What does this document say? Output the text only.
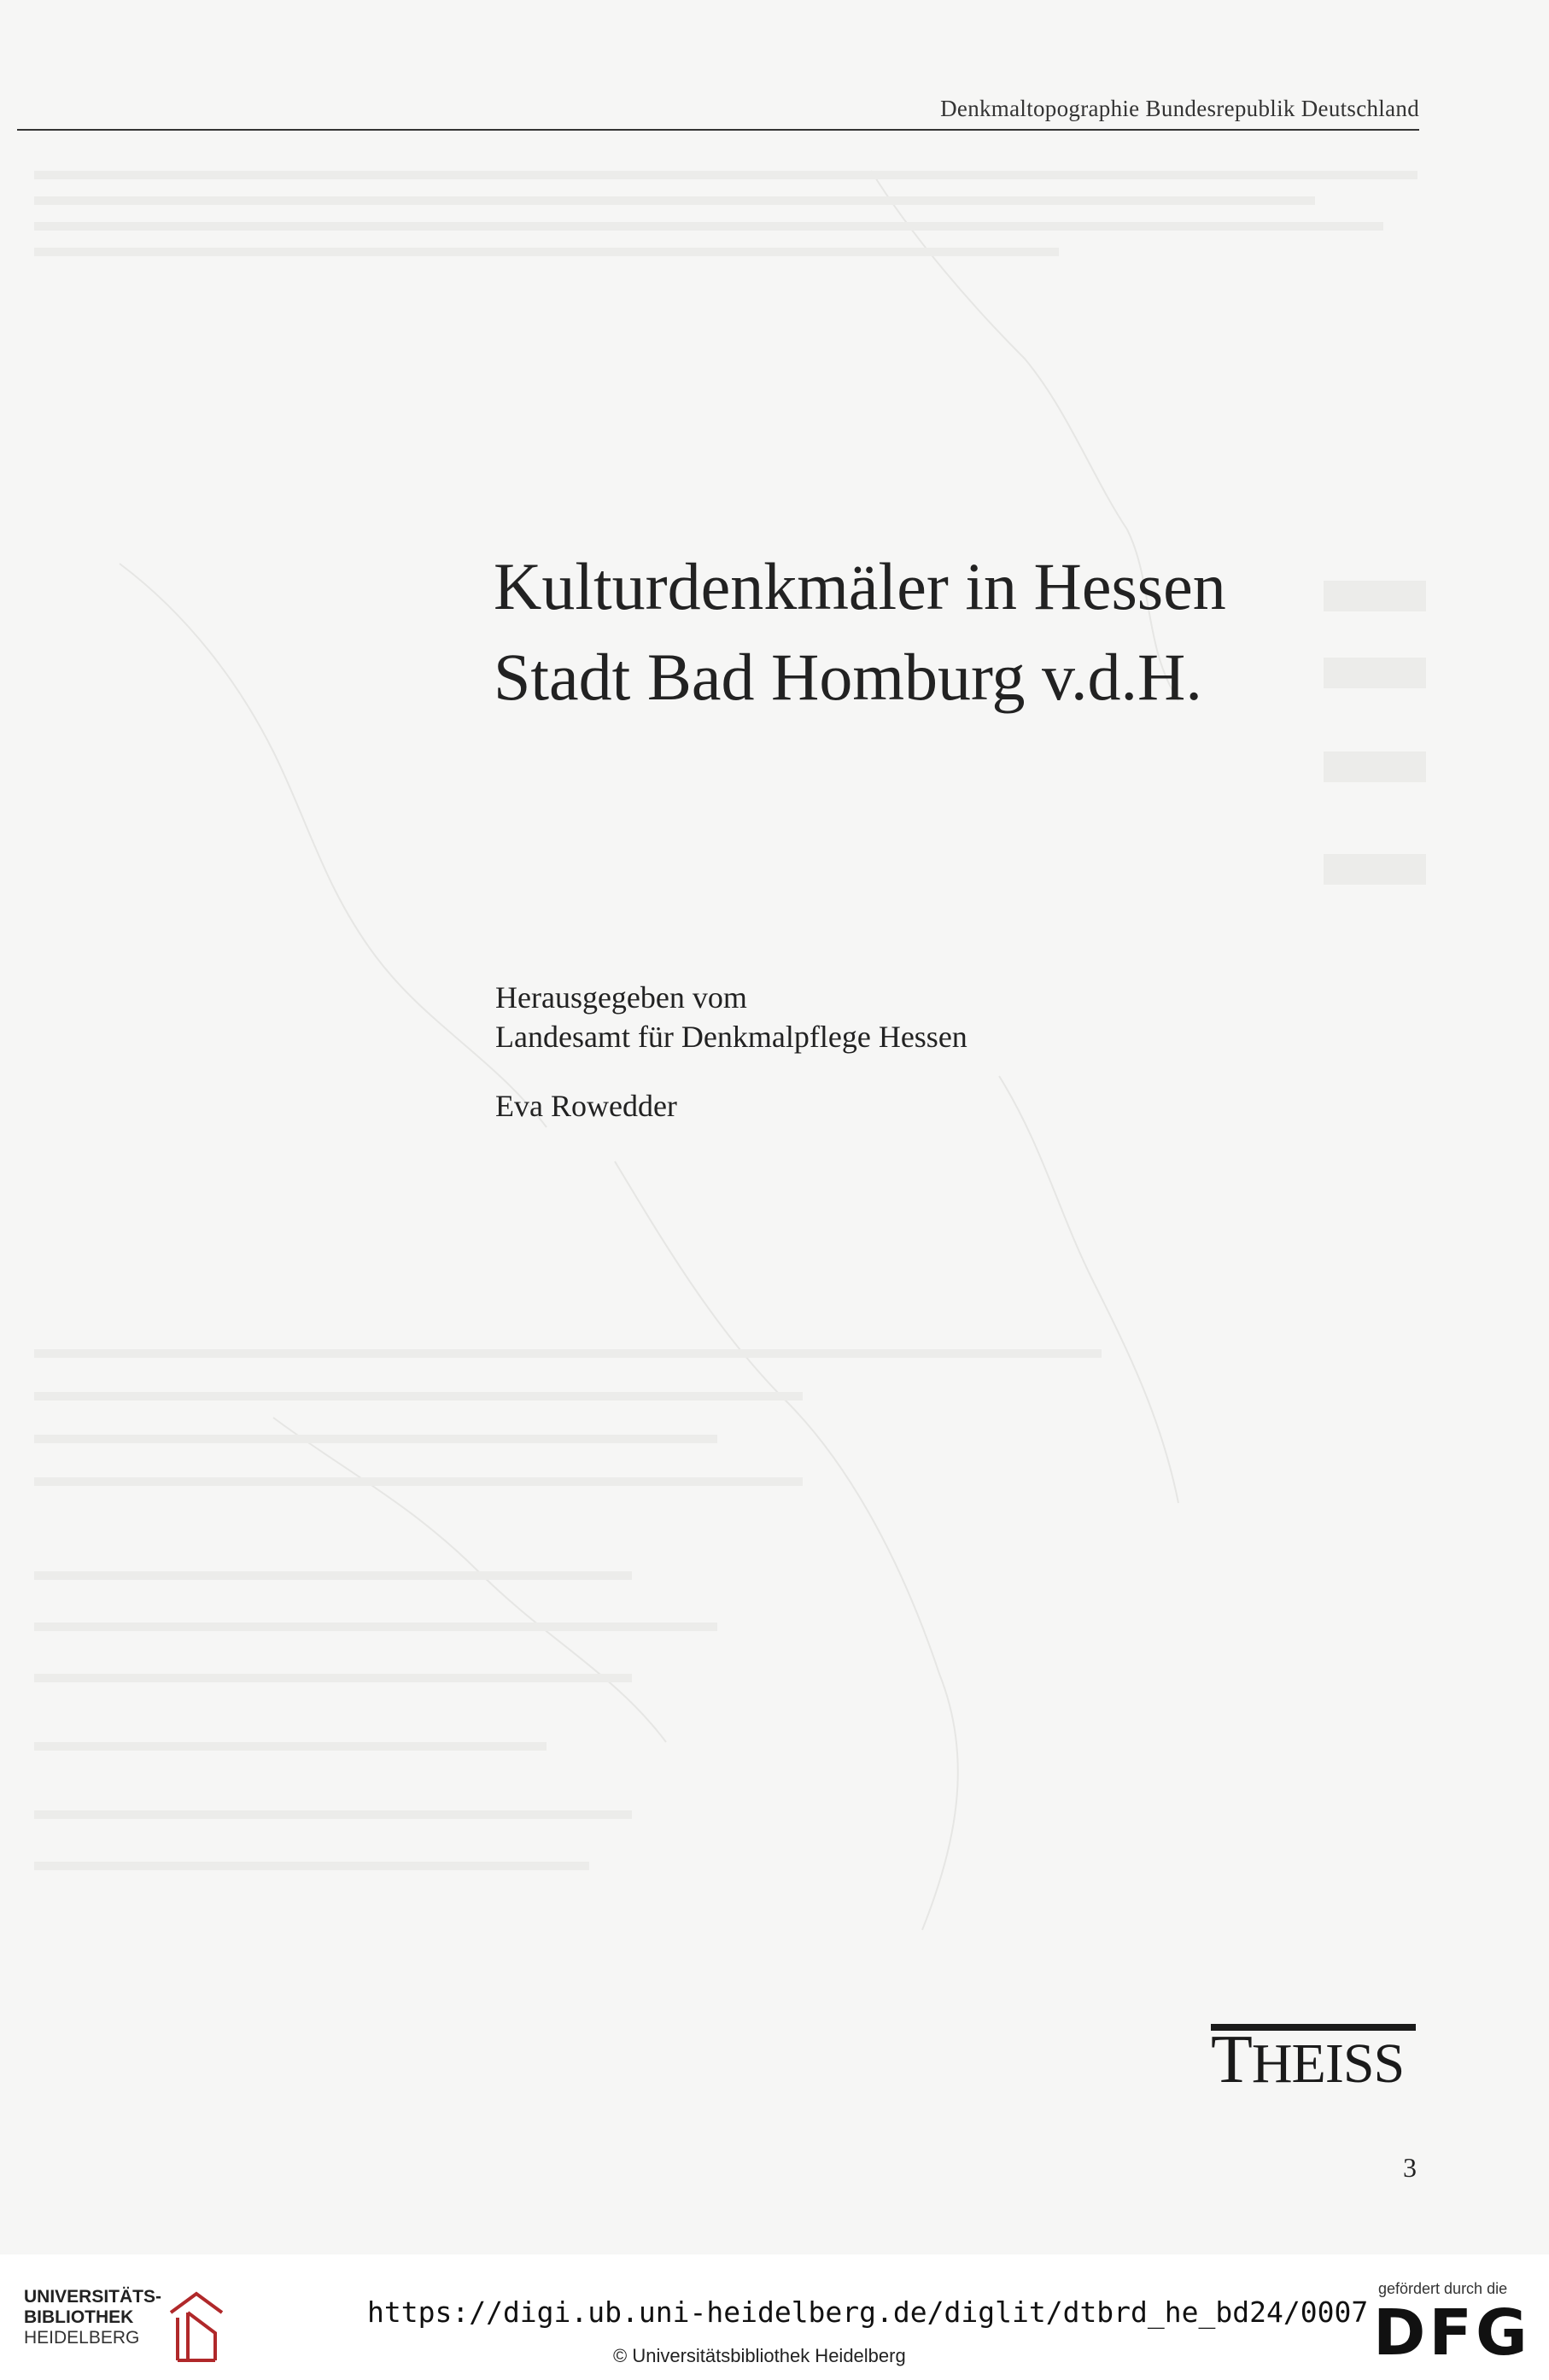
Denkmaltopographie Bundesrepublik Deutschland
Kulturdenkmäler in Hessen
Stadt Bad Homburg v.d.H.
Herausgegeben vom
Landesamt für Denkmalpflege Hessen
Eva Rowedder
THEISS
3
UNIVERSITÄTS-
BIBLIOTHEK
HEIDELBERG
https://digi.ub.uni-heidelberg.de/diglit/dtbrd_he_bd24/0007
© Universitätsbibliothek Heidelberg
gefördert durch die
DFG
